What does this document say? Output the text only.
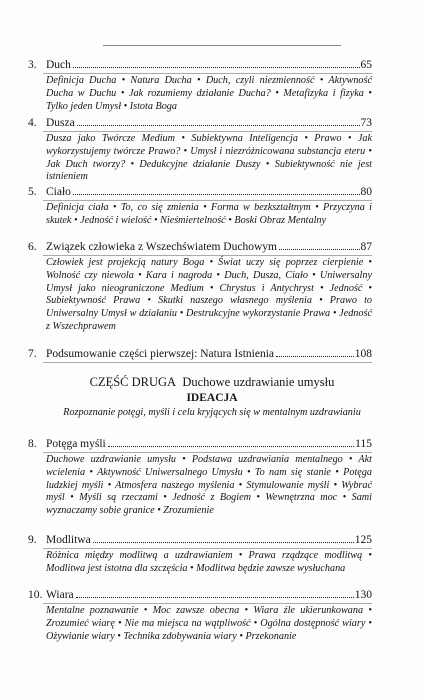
3. Duch	65
Definicja Ducha • Natura Ducha • Duch, czyli niezmienność • Aktywność Ducha w Duchu • Jak rozumiemy działanie Ducha? • Metafizyka i fizyka • Tylko jeden Umysł • Istota Boga
4. Dusza	73
Dusza jako Twórcze Medium • Subiektywna Inteligencja • Prawo • Jak wykorzystujemy twórcze Prawo? • Umysł i niezróżnicowana substancja eteru • Jak Duch tworzy? • Dedukcyjne działanie Duszy • Subiektywność nie jest istnieniem
5. Ciało	80
Definicja ciała • To, co się zmienia • Forma w bezkształtnym • Przyczyna i skutek • Jedność i wielość • Nieśmiertelność • Boski Obraz Mentalny
6. Związek człowieka z Wszechświatem Duchowym	87
Człowiek jest projekcją natury Boga • Świat uczy się poprzez cierpienie • Wolność czy niewola • Kara i nagroda • Duch, Dusza, Ciało • Uniwersalny Umysł jako nieograniczone Medium • Chrystus i Antychryst • Jedność • Subiektywność Prawa • Skutki naszego własnego myślenia • Prawo to Uniwersalny Umysł w działaniu • Destrukcyjne wykorzystanie Prawa • Jedność z Wszechprawem
7. Podsumowanie części pierwszej: Natura Istnienia	108
CZĘŚĆ DRUGA Duchowe uzdrawianie umysłu
IDEACJA
Rozpoznanie potęgi, myśli i celu kryjących się w mentalnym uzdrawianiu
8. Potęga myśli	115
Duchowe uzdrawianie umysłu • Podstawa uzdrawiania mentalnego • Akt wcielenia • Aktywność Uniwersalnego Umysłu • To nam się stanie • Potęga ludzkiej myśli • Atmosfera naszego myślenia • Stymulowanie myśli • Wybrać myśl • Myśli są rzeczami • Jedność z Bogiem • Wewnętrzna moc • Sami wyznaczamy sobie granice • Zrozumienie
9. Modlitwa	125
Różnica między modlitwą a uzdrawianiem • Prawa rządzące modlitwą • Modlitwa jest istotna dla szczęścia • Modlitwa będzie zawsze wysłuchana
10. Wiara	130
Mentalne poznawanie • Moc zawsze obecna • Wiara źle ukierunkowana • Zrozumieć wiarę • Nie ma miejsca na wątpliwość • Ogólna dostępność wiary • Ożywianie wiary • Technika zdobywania wiary • Przekonanie
